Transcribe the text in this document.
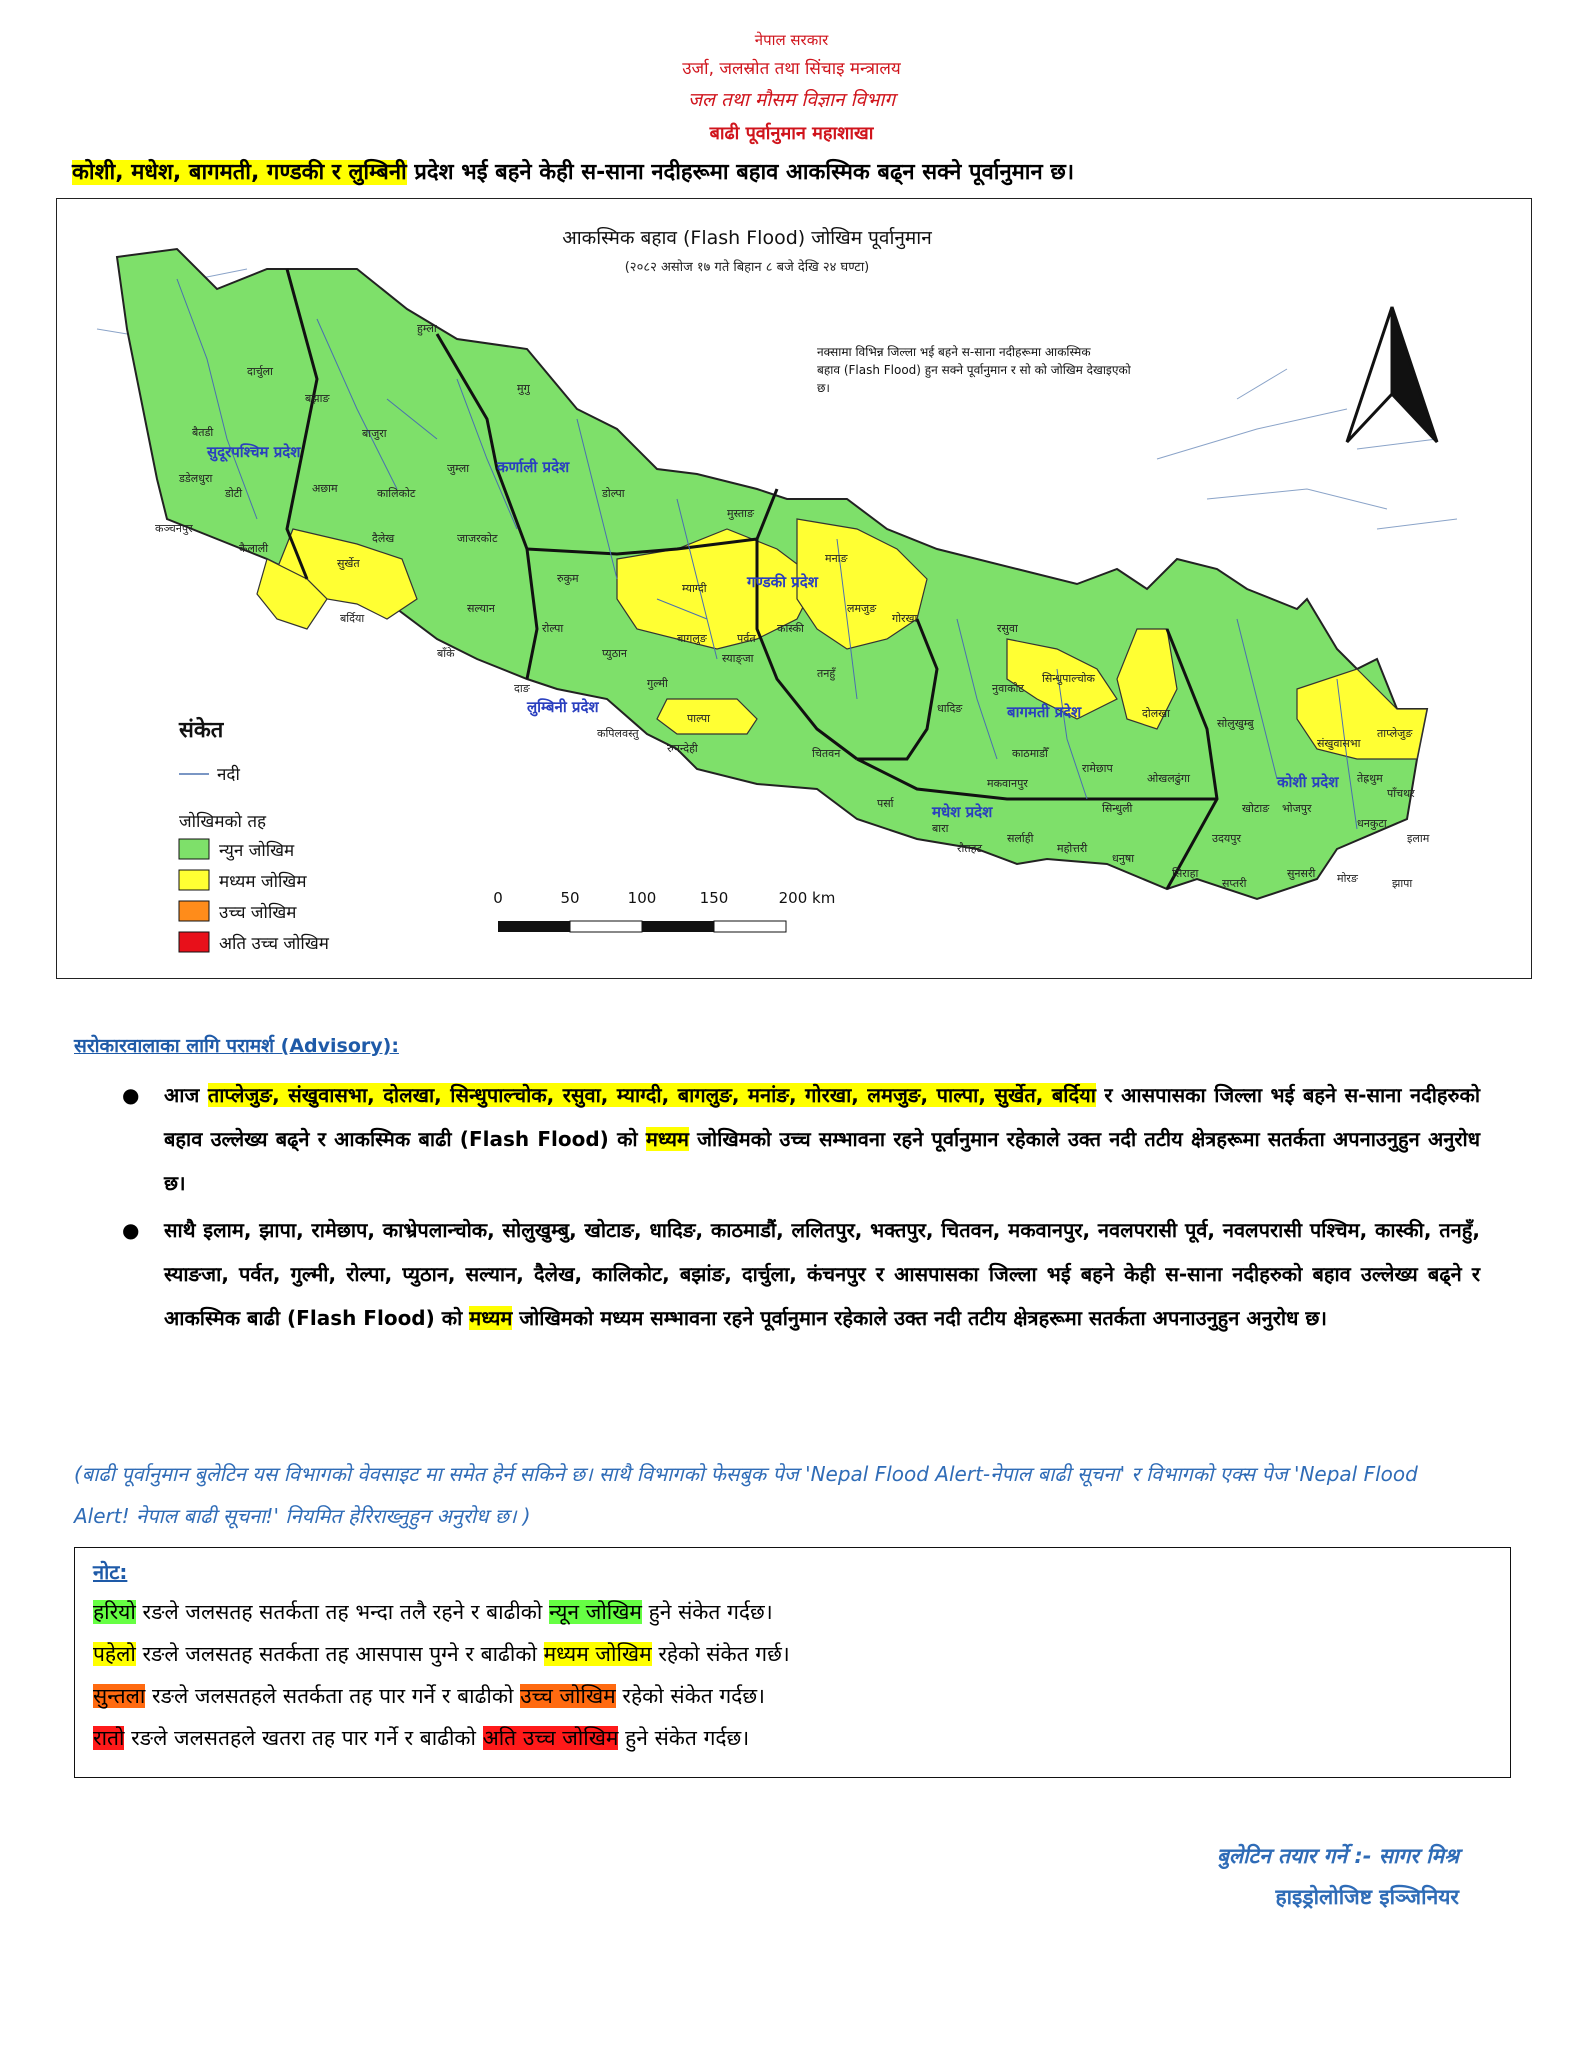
नेपाल सरकार
उर्जा, जलस्रोत तथा सिंचाइ मन्त्रालय
जल तथा मौसम विज्ञान विभाग
बाढी पूर्वानुमान महाशाखा
कोशी, मधेश, बागमती, गण्डकी र लुम्बिनी प्रदेश भई बहने केही स-साना नदीहरूमा बहाव आकस्मिक बढ्न सक्ने पूर्वानुमान छ।
सुदूरपश्चिम प्रदेश
कर्णाली प्रदेश
गण्डकी प्रदेश
लुम्बिनी प्रदेश	बागमती प्रदेश
मधेश प्रदेश
कोशी प्रदेश
दार्चुला
बैतडी
डडेलधुरा
कञ्चनपुर
कैलाली
डोटी	अछाम
बझाङ
बाजुरा
हुम्ला
मुगु
जुम्ला
कालिकोट
दैलेख
सुर्खेत
बर्दिया
जाजरकोट
डोल्पा
रुकुम
सल्यान
रोल्पा
बाँके
दाङ
प्युठान
गुल्मी
पाल्पा
कपिलवस्तु
रुपन्देही
मुस्ताङ
म्याग्दी
बागलुङ
मनाङ
कास्की
लमजुङ
गोरखा
तनहुँ
स्याङ्जा
पर्वत
चितवन
धादिङ
रसुवा
नुवाकोट
सिन्धुपाल्चोक
दोलखा
काठमाडौँ
मकवानपुर
रामेछाप
सोलुखुम्बु
ओखलढुंगा
खोटाङ
संखुवासभा
ताप्लेजुङ
तेह्रथुम
पाँचथर
इलाम
झापा
मोरङ
सुनसरी
धनकुटा
भोजपुर
उदयपुर
सप्तरी
सिराहा
धनुषा
महोत्तरी
सर्लाही
सिन्धुली
रौतहट
बारा
पर्सा
आकस्मिक बहाव (Flash Flood) जोखिम पूर्वानुमान
(२०८२ असोज १७ गते बिहान ८ बजे देखि २४ घण्टा)
नक्सामा विभिन्न जिल्ला भई बहने स-साना नदीहरूमा आकस्मिक
बहाव (Flash Flood) हुन सक्ने पूर्वानुमान र सो को जोखिम देखाइएको
छ।
संकेत
नदी
जोखिमको तह
न्युन जोखिम
मध्यम जोखिम
उच्च जोखिम
अति उच्च जोखिम
0	50	100	150	200 km
सरोकारवालाका लागि परामर्श (Advisory):
● आज ताप्लेजुङ, संखुवासभा, दोलखा, सिन्धुपाल्चोक, रसुवा, म्याग्दी, बागलुङ, मनांङ, गोरखा, लमजुङ, पाल्पा, सुर्खेत, बर्दिया र आसपासका जिल्ला भई बहने स-साना नदीहरुको बहाव उल्लेख्य बढ्ने र आकस्मिक बाढी (Flash Flood) को मध्यम जोखिमको उच्च सम्भावना रहने पूर्वानुमान रहेकाले उक्त नदी तटीय क्षेत्रहरूमा सतर्कता अपनाउनुहुन अनुरोध छ।

● साथै इलाम, झापा, रामेछाप, काभ्रेपलान्चोक, सोलुखुम्बु, खोटाङ, धादिङ, काठमाडौं, ललितपुर, भक्तपुर, चितवन, मकवानपुर, नवलपरासी पूर्व, नवलपरासी पश्चिम, कास्की, तनहुँ, स्याङजा, पर्वत, गुल्मी, रोल्पा, प्युठान, सल्यान, दैलेख, कालिकोट, बझांङ, दार्चुला, कंचनपुर र आसपासका जिल्ला भई बहने केही स-साना नदीहरुको बहाव उल्लेख्य बढ्ने र आकस्मिक बाढी (Flash Flood) को मध्यम जोखिमको मध्यम सम्भावना रहने पूर्वानुमान रहेकाले उक्त नदी तटीय क्षेत्रहरूमा सतर्कता अपनाउनुहुन अनुरोध छ।

(बाढी पूर्वानुमान बुलेटिन यस विभागको वेवसाइट मा समेत हेर्न सकिने छ। साथै विभागको फेसबुक पेज 'Nepal Flood Alert-नेपाल बाढी सूचना' र विभागको एक्स पेज 'Nepal Flood Alert! नेपाल बाढी सूचना!' नियमित हेरिराख्नुहुन अनुरोध छ। )
नोट:
हरियो रङले जलसतह सतर्कता तह भन्दा तलै रहने र बाढीको न्यून जोखिम हुने संकेत गर्दछ।
पहेलो रङले जलसतह सतर्कता तह आसपास पुग्ने र बाढीको मध्यम जोखिम रहेको संकेत गर्छ।
सुन्तला रङले जलसतहले सतर्कता तह पार गर्ने र बाढीको उच्च जोखिम रहेको संकेत गर्दछ।
रातो रङले जलसतहले खतरा तह पार गर्ने र बाढीको अति उच्च जोखिम हुने संकेत गर्दछ।
बुलेटिन तयार गर्ने :- सागर मिश्र
हाइड्रोलोजिष्ट इञ्जिनियर
